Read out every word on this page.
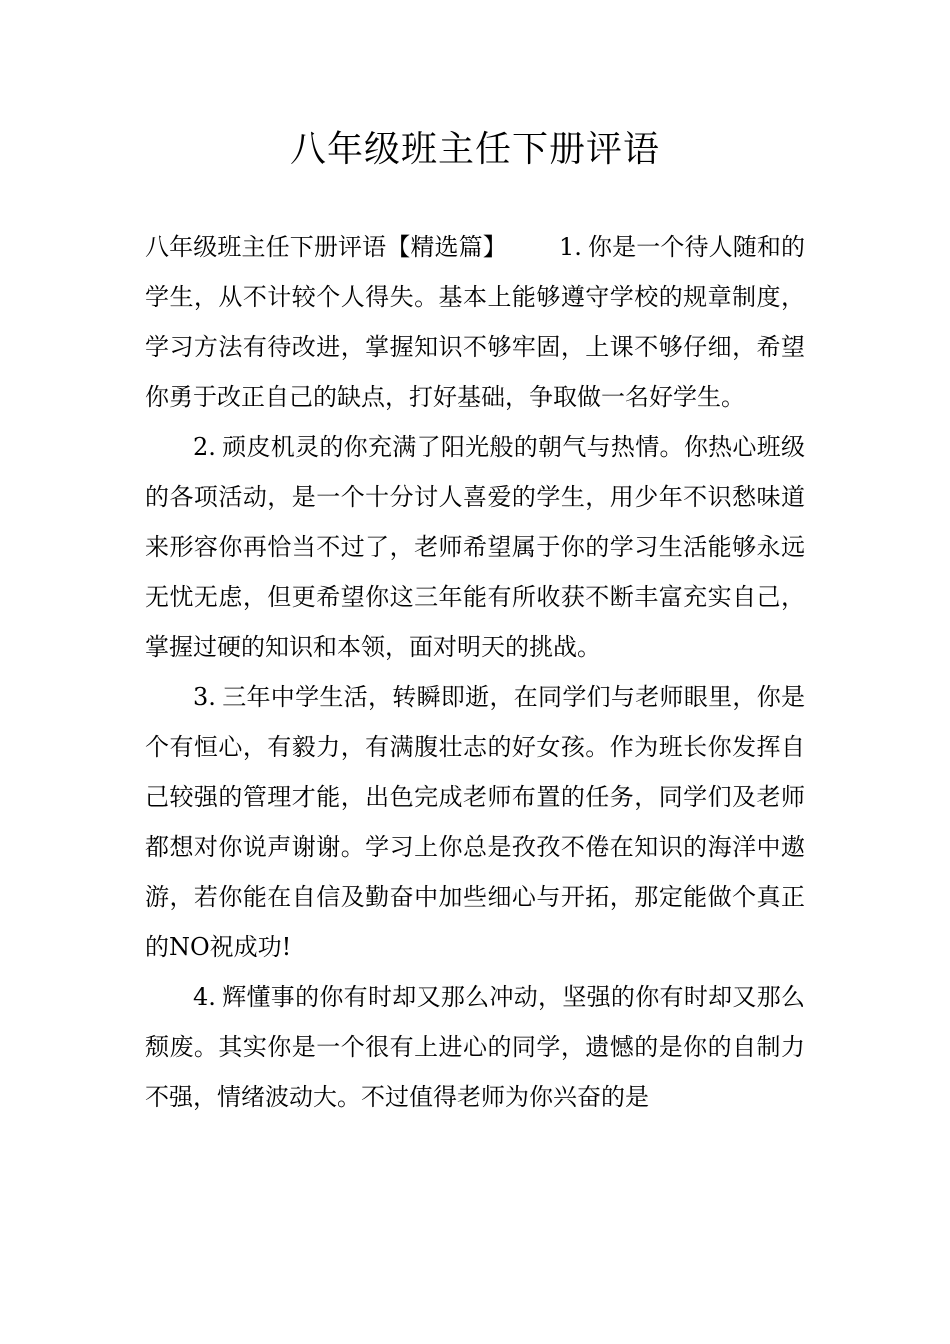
八年级班主任下册评语

八年级班主任下册评语【精选篇】 1. 你是一个待人随和的学生，从不计较个人得失。基本上能够遵守学校的规章制度，学习方法有待改进，掌握知识不够牢固，上课不够仔细，希望你勇于改正自己的缺点，打好基础，争取做一名好学生。

2. 顽皮机灵的你充满了阳光般的朝气与热情。你热心班级的各项活动，是一个十分讨人喜爱的学生，用少年不识愁味道来形容你再恰当不过了，老师希望属于你的学习生活能够永远无忧无虑，但更希望你这三年能有所收获不断丰富充实自己，掌握过硬的知识和本领，面对明天的挑战。

3. 三年中学生活，转瞬即逝，在同学们与老师眼里，你是个有恒心，有毅力，有满腹壮志的好女孩。作为班长你发挥自己较强的管理才能，出色完成老师布置的任务，同学们及老师都想对你说声谢谢。学习上你总是孜孜不倦在知识的海洋中遨游，若你能在自信及勤奋中加些细心与开拓，那定能做个真正的NO祝成功!

4. 辉懂事的你有时却又那么冲动，坚强的你有时却又那么颓废。其实你是一个很有上进心的同学，遗憾的是你的自制力不强，情绪波动大。不过值得老师为你兴奋的是
